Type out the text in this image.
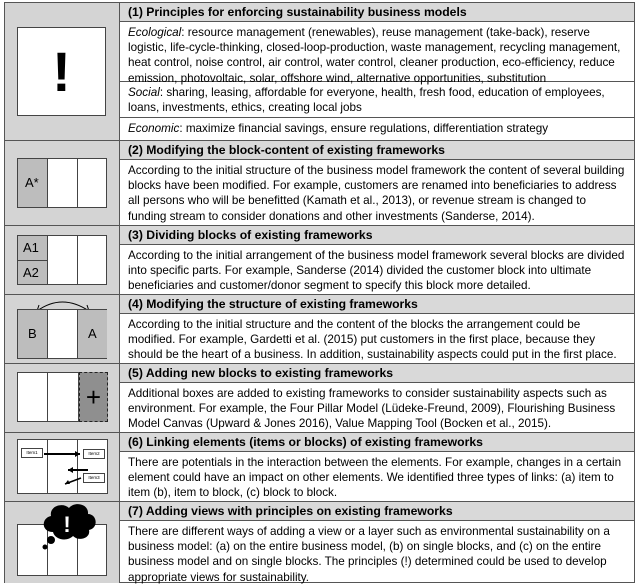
!
(1) Principles for enforcing sustainability business models
Ecological: resource management (renewables), reuse management (take-back), reserve logistic, life-cycle-thinking, closed-loop-production, waste management, recycling management, heat control, noise control, air control, water control, cleaner production, eco-efficiency, reduce emission, photovoltaic, solar, offshore wind, alternative opportunities, substitution
Social: sharing, leasing, affordable for everyone, health, fresh food, education of employees, loans, investments, ethics, creating local jobs
Economic: maximize financial savings, ensure regulations, differentiation strategy
A*
(2) Modifying the block-content of existing frameworks
According to the initial structure of the business model framework the content of several building blocks have been modified. For example, customers are renamed into beneficiaries to address all persons who will be benefitted (Kamath et al., 2013), or revenue stream is changed to funding stream to consider donations and other investments (Sanderse, 2014).
A1
A2
(3) Dividing blocks of existing frameworks
According to the initial arrangement of the business model framework several blocks are divided into specific parts. For example, Sanderse (2014) divided the customer block into ultimate beneficiaries and customer/donor segment to specify this block more detailed.
B	A
(4) Modifying the structure of existing frameworks
According to the initial structure and the content of the blocks the arrangement could be modified. For example, Gardetti et al. (2015) put customers in the first place, because they should be the heart of a business. In addition, sustainability aspects could put in the first place.
+
(5) Adding new blocks to existing frameworks
Additional boxes are added to existing frameworks to consider sustainability aspects such as environment. For example, the Four Pillar Model (Lüdeke-Freund, 2009), Flourishing Business Model Canvas (Upward & Jones 2016), Value Mapping Tool (Bocken et al., 2015).
Item1	Item2
Item3
(6) Linking elements (items or blocks) of existing frameworks
There are potentials in the interaction between the elements. For example, changes in a certain element could have an impact on other elements. We identified three types of links: (a) item to item (b), item to block, (c) block to block.
!
(7) Adding views with principles on existing frameworks
There are different ways of adding a view or a layer such as environmental sustainability on a business model: (a) on the entire business model, (b) on single blocks, and (c) on the entire business model and on single blocks. The principles (!) determined could be used to develop appropriate views for sustainability.
